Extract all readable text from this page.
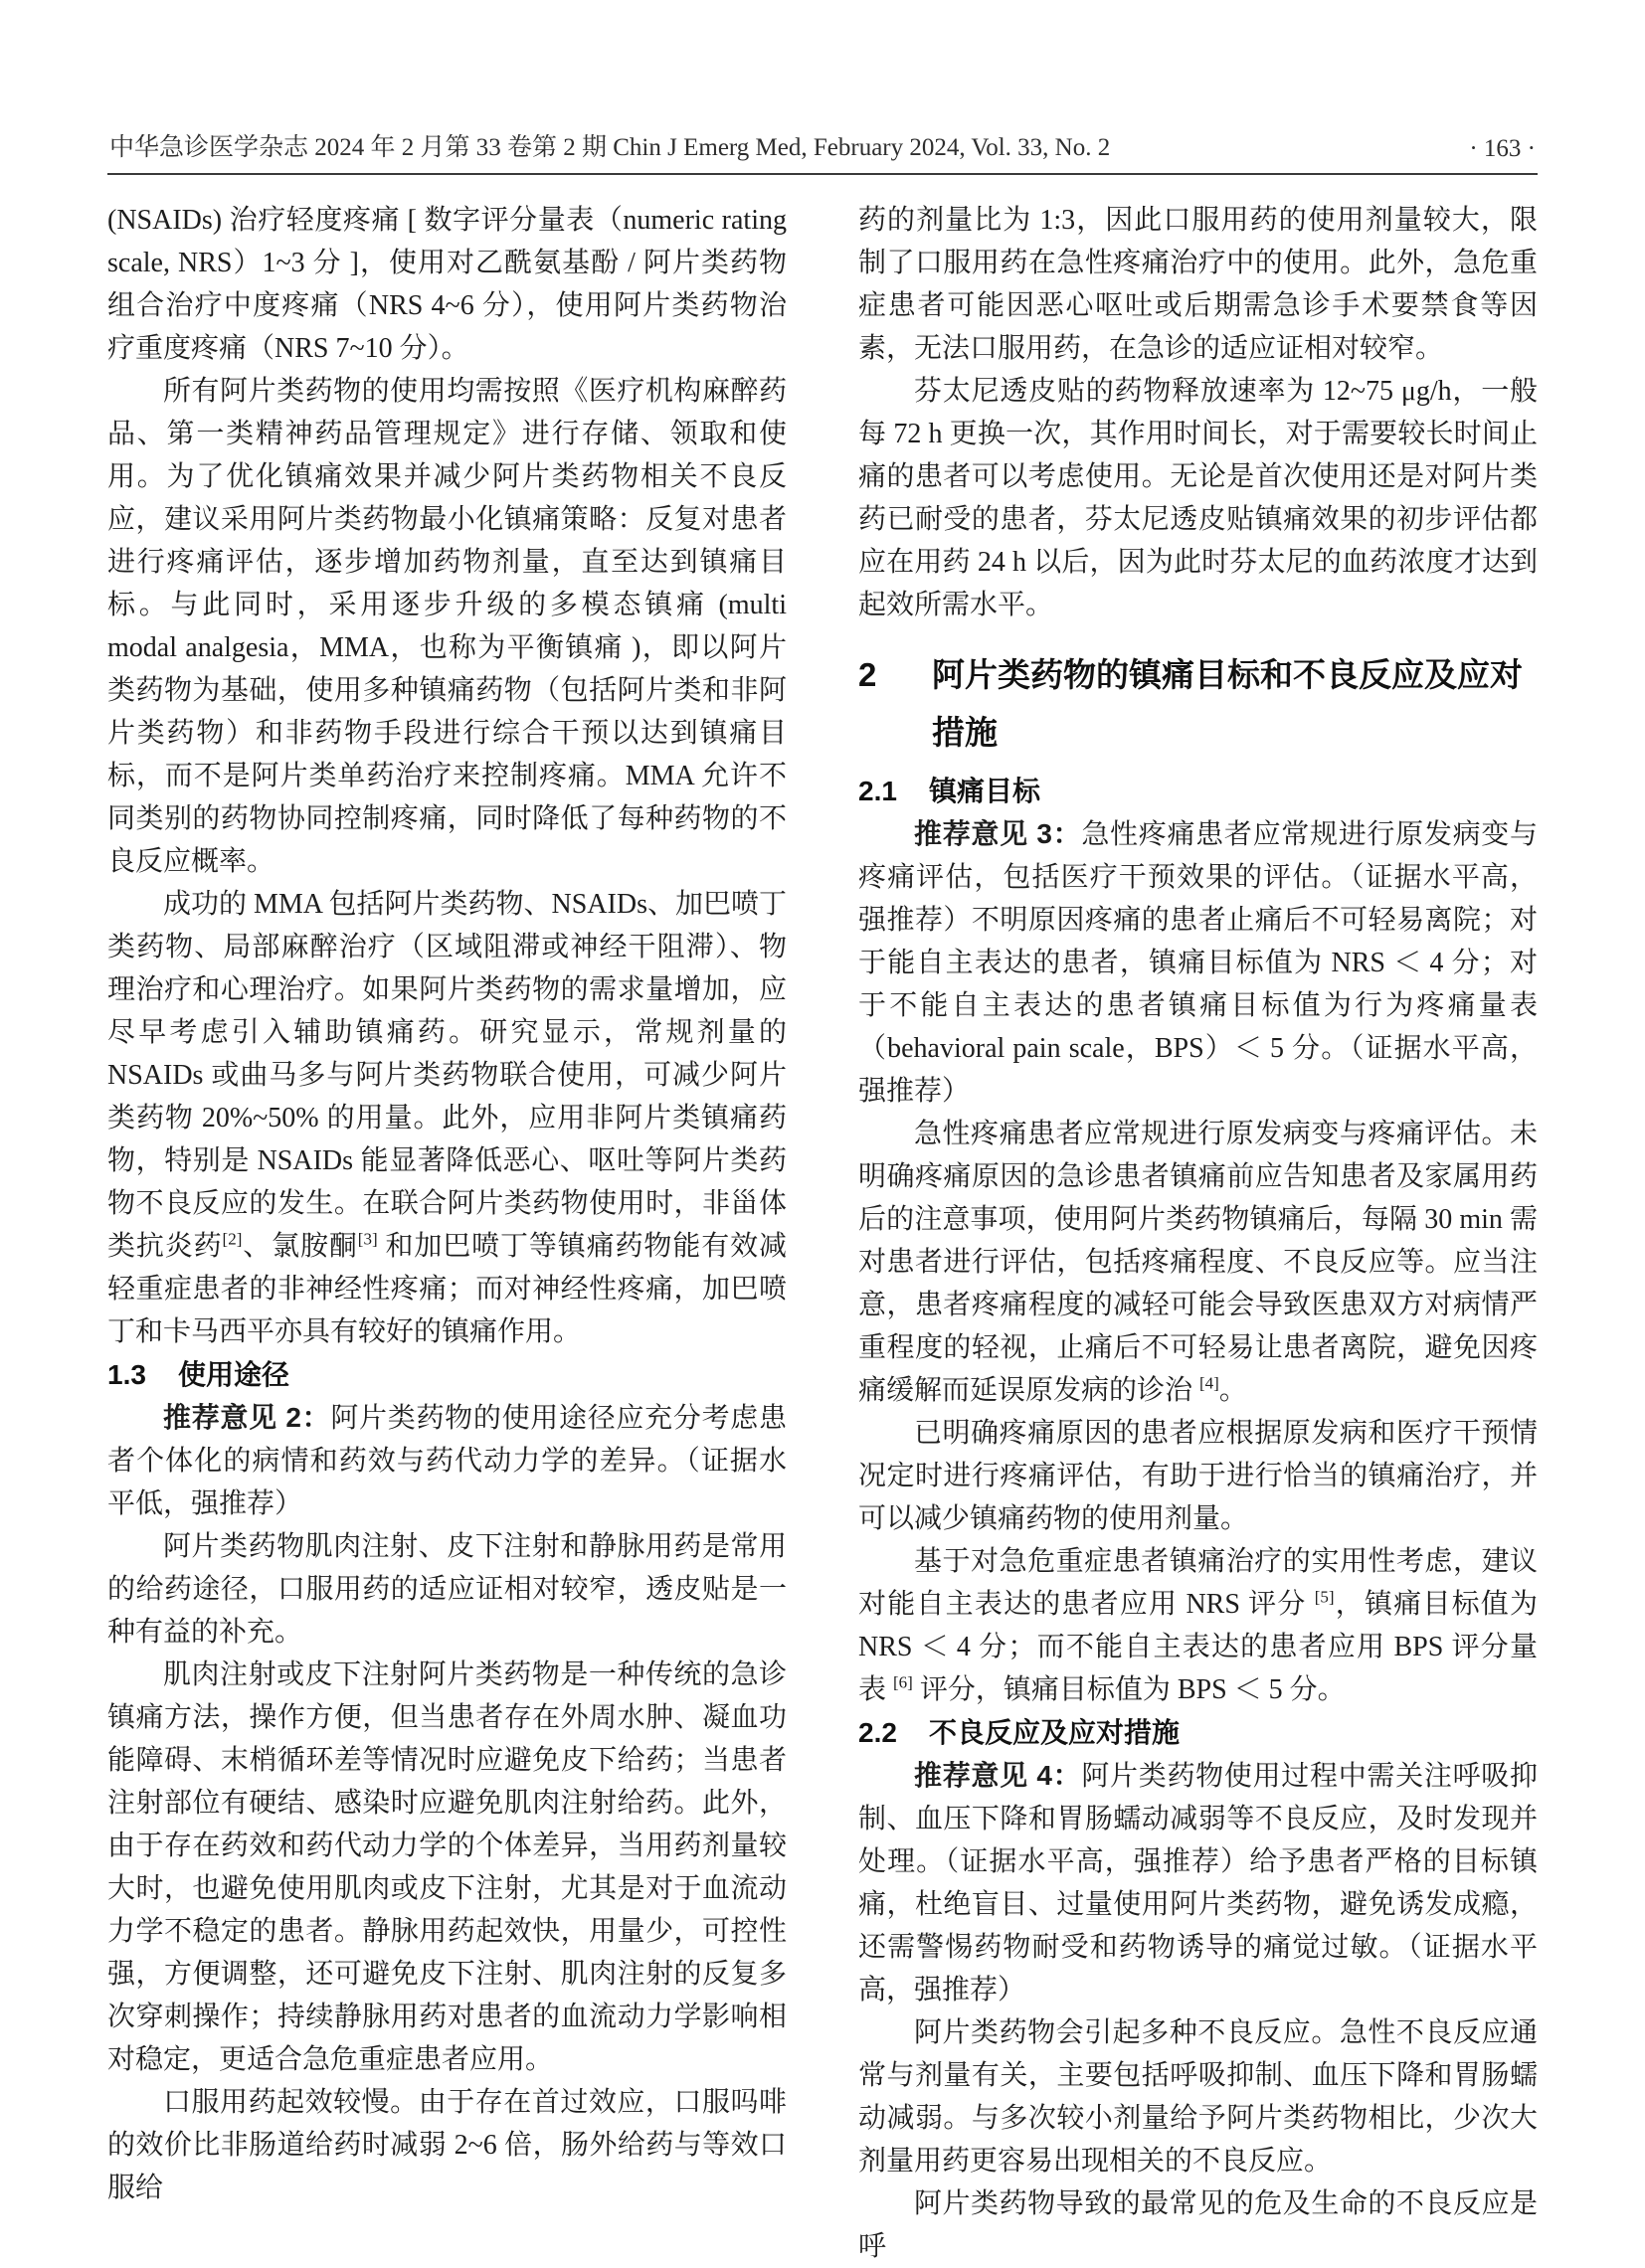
中华急诊医学杂志 2024 年 2 月第 33 卷第 2 期 Chin J Emerg Med, February 2024, Vol. 33, No. 2	· 163 ·

(NSAIDs) 治疗轻度疼痛 [ 数字评分量表（numeric rating scale, NRS）1~3 分 ]，使用对乙酰氨基酚 / 阿片类药物组合治疗中度疼痛（NRS 4~6 分），使用阿片类药物治疗重度疼痛（NRS 7~10 分）。

所有阿片类药物的使用均需按照《医疗机构麻醉药品、第一类精神药品管理规定》进行存储、领取和使用。为了优化镇痛效果并减少阿片类药物相关不良反应，建议采用阿片类药物最小化镇痛策略：反复对患者进行疼痛评估，逐步增加药物剂量，直至达到镇痛目标。与此同时，采用逐步升级的多模态镇痛 (multi modal analgesia，MMA，也称为平衡镇痛 )，即以阿片类药物为基础，使用多种镇痛药物（包括阿片类和非阿片类药物）和非药物手段进行综合干预以达到镇痛目标，而不是阿片类单药治疗来控制疼痛。MMA 允许不同类别的药物协同控制疼痛，同时降低了每种药物的不良反应概率。

成功的 MMA 包括阿片类药物、NSAIDs、加巴喷丁类药物、局部麻醉治疗（区域阻滞或神经干阻滞）、物理治疗和心理治疗。如果阿片类药物的需求量增加，应尽早考虑引入辅助镇痛药。研究显示，常规剂量的 NSAIDs 或曲马多与阿片类药物联合使用，可减少阿片类药物 20%~50% 的用量。此外，应用非阿片类镇痛药物，特别是 NSAIDs 能显著降低恶心、呕吐等阿片类药物不良反应的发生。在联合阿片类药物使用时，非甾体类抗炎药[2]、氯胺酮[3] 和加巴喷丁等镇痛药物能有效减轻重症患者的非神经性疼痛；而对神经性疼痛，加巴喷丁和卡马西平亦具有较好的镇痛作用。

1.3 使用途径

推荐意见 2：阿片类药物的使用途径应充分考虑患者个体化的病情和药效与药代动力学的差异。（证据水平低，强推荐）

阿片类药物肌肉注射、皮下注射和静脉用药是常用的给药途径，口服用药的适应证相对较窄，透皮贴是一种有益的补充。

肌肉注射或皮下注射阿片类药物是一种传统的急诊镇痛方法，操作方便，但当患者存在外周水肿、凝血功能障碍、末梢循环差等情况时应避免皮下给药；当患者注射部位有硬结、感染时应避免肌肉注射给药。此外，由于存在药效和药代动力学的个体差异，当用药剂量较大时，也避免使用肌肉或皮下注射，尤其是对于血流动力学不稳定的患者。静脉用药起效快，用量少，可控性强，方便调整，还可避免皮下注射、肌肉注射的反复多次穿刺操作；持续静脉用药对患者的血流动力学影响相对稳定，更适合急危重症患者应用。

口服用药起效较慢。由于存在首过效应，口服吗啡的效价比非肠道给药时减弱 2~6 倍，肠外给药与等效口服给

药的剂量比为 1:3，因此口服用药的使用剂量较大，限制了口服用药在急性疼痛治疗中的使用。此外，急危重症患者可能因恶心呕吐或后期需急诊手术要禁食等因素，无法口服用药，在急诊的适应证相对较窄。

芬太尼透皮贴的药物释放速率为 12~75 μg/h，一般每 72 h 更换一次，其作用时间长，对于需要较长时间止痛的患者可以考虑使用。无论是首次使用还是对阿片类药已耐受的患者，芬太尼透皮贴镇痛效果的初步评估都应在用药 24 h 以后，因为此时芬太尼的血药浓度才达到起效所需水平。

2 阿片类药物的镇痛目标和不良反应及应对措施
2.1 镇痛目标

推荐意见 3：急性疼痛患者应常规进行原发病变与疼痛评估，包括医疗干预效果的评估。（证据水平高，强推荐）不明原因疼痛的患者止痛后不可轻易离院；对于能自主表达的患者，镇痛目标值为 NRS ＜ 4 分；对于不能自主表达的患者镇痛目标值为行为疼痛量表（behavioral pain scale，BPS）＜ 5 分。（证据水平高，强推荐）

急性疼痛患者应常规进行原发病变与疼痛评估。未明确疼痛原因的急诊患者镇痛前应告知患者及家属用药后的注意事项，使用阿片类药物镇痛后，每隔 30 min 需对患者进行评估，包括疼痛程度、不良反应等。应当注意，患者疼痛程度的减轻可能会导致医患双方对病情严重程度的轻视，止痛后不可轻易让患者离院，避免因疼痛缓解而延误原发病的诊治 [4]。

已明确疼痛原因的患者应根据原发病和医疗干预情况定时进行疼痛评估，有助于进行恰当的镇痛治疗，并可以减少镇痛药物的使用剂量。

基于对急危重症患者镇痛治疗的实用性考虑，建议对能自主表达的患者应用 NRS 评分 [5]，镇痛目标值为 NRS ＜ 4 分；而不能自主表达的患者应用 BPS 评分量表 [6] 评分，镇痛目标值为 BPS ＜ 5 分。

2.2 不良反应及应对措施

推荐意见 4：阿片类药物使用过程中需关注呼吸抑制、血压下降和胃肠蠕动减弱等不良反应，及时发现并处理。（证据水平高，强推荐）给予患者严格的目标镇痛，杜绝盲目、过量使用阿片类药物，避免诱发成瘾，还需警惕药物耐受和药物诱导的痛觉过敏。（证据水平高，强推荐）

阿片类药物会引起多种不良反应。急性不良反应通常与剂量有关，主要包括呼吸抑制、血压下降和胃肠蠕动减弱。与多次较小剂量给予阿片类药物相比，少次大剂量用药更容易出现相关的不良反应。

阿片类药物导致的最常见的危及生命的不良反应是呼
